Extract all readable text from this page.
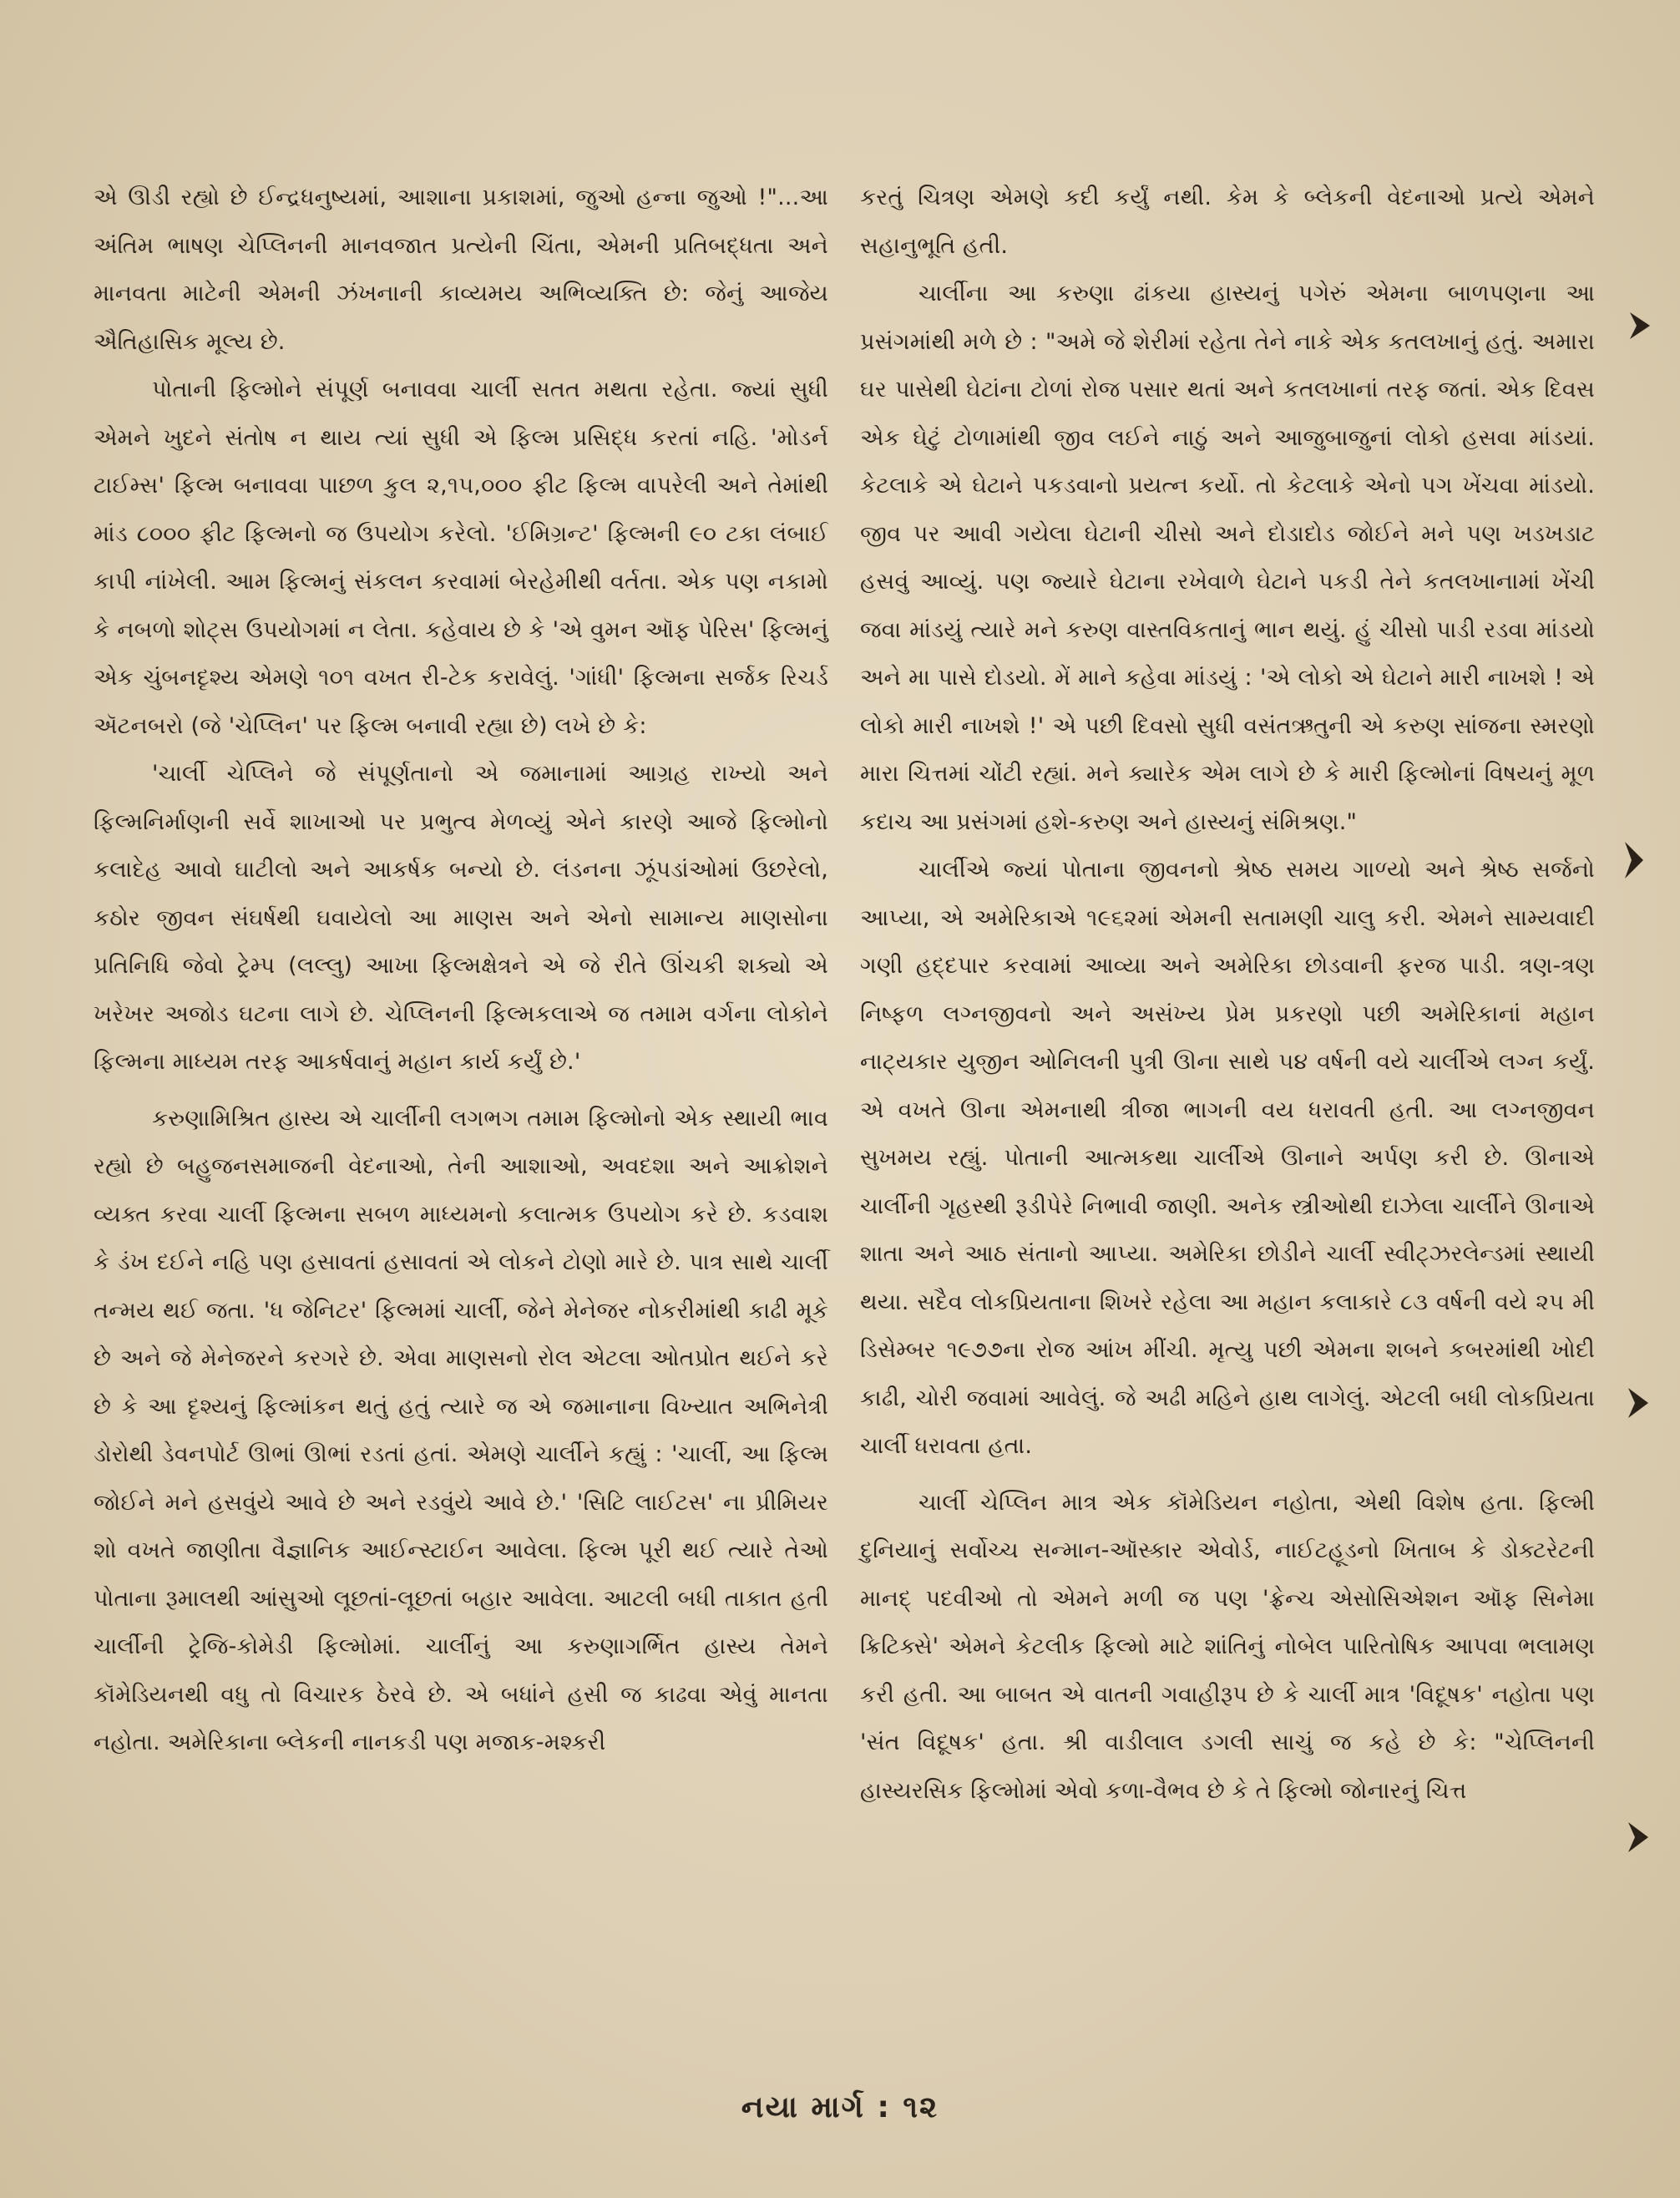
એ ઊડી રહ્યો છે ઈન્દ્રધનુષ્યમાં, આશાના પ્રકાશમાં, જુઓ હન્ના જુઓ !"...આ અંતિમ ભાષણ ચેપ્લિનની માનવજાત પ્રત્યેની ચિંતા, એમની પ્રતિબદ્ધતા અને માનવતા માટેની એમની ઝંખનાની કાવ્યમય અભિવ્યક્તિ છે: જેનું આજેય ઐતિહાસિક મૂલ્ય છે.

પોતાની ફિલ્મોને સંપૂર્ણ બનાવવા ચાર્લી સતત મથતા રહેતા. જ્યાં સુધી એમને ખુદને સંતોષ ન થાય ત્યાં સુધી એ ફિલ્મ પ્રસિદ્ધ કરતાં નહિ. 'મોડર્ન ટાઈમ્સ' ફિલ્મ બનાવવા પાછળ કુલ ૨,૧૫,૦૦૦ ફીટ ફિલ્મ વાપરેલી અને તેમાંથી માંડ ૮૦૦૦ ફીટ ફિલ્મનો જ ઉપયોગ કરેલો. 'ઈમિગ્રન્ટ' ફિલ્મની ૯૦ ટકા લંબાઈ કાપી નાંખેલી. આમ ફિલ્મનું સંકલન કરવામાં બેરહેમીથી વર્તતા. એક પણ નકામો કે નબળો શોટ્સ ઉપયોગમાં ન લેતા. કહેવાય છે કે 'એ વુમન ઑફ પેરિસ' ફિલ્મનું એક ચુંબનદૃશ્ય એમણે ૧૦૧ વખત રી-ટેક કરાવેલું. 'ગાંધી' ફિલ્મના સર્જક રિચર્ડ ઍટનબરો (જે 'ચેપ્લિન' પર ફિલ્મ બનાવી રહ્યા છે) લખે છે કે:

'ચાર્લી ચેપ્લિને જે સંપૂર્ણતાનો એ જમાનામાં આગ્રહ રાખ્યો અને ફિલ્મનિર્માણની સર્વે શાખાઓ પર પ્રભુત્વ મેળવ્યું એને કારણે આજે ફિલ્મોનો કલાદેહ આવો ઘાટીલો અને આકર્ષક બન્યો છે. લંડનના ઝૂંપડાંઓમાં ઉછરેલો, કઠોર જીવન સંઘર્ષથી ઘવાયેલો આ માણસ અને એનો સામાન્ય માણસોના પ્રતિનિધિ જેવો ટ્રેમ્પ (લલ્લુ) આખા ફિલ્મક્ષેત્રને એ જે રીતે ઊંચકી શક્યો એ ખરેખર અજોડ ઘટના લાગે છે. ચેપ્લિનની ફિલ્મકલાએ જ તમામ વર્ગના લોકોને ફિલ્મના માધ્યમ તરફ આકર્ષવાનું મહાન કાર્ય કર્યું છે.'

કરુણામિશ્રિત હાસ્ય એ ચાર્લીની લગભગ તમામ ફિલ્મોનો એક સ્થાયી ભાવ રહ્યો છે બહુજનસમાજની વેદનાઓ, તેની આશાઓ, અવદશા અને આક્રોશને વ્યક્ત કરવા ચાર્લી ફિલ્મના સબળ માધ્યમનો કલાત્મક ઉપયોગ કરે છે. કડવાશ કે ડંખ દઈને નહિ પણ હસાવતાં હસાવતાં એ લોકને ટોણો મારે છે. પાત્ર સાથે ચાર્લી તન્મય થઈ જતા. 'ધ જેનિટર' ફિલ્મમાં ચાર્લી, જેને મેનેજર નોકરીમાંથી કાઢી મૂકે છે અને જે મેનેજરને કરગરે છે. એવા માણસનો રોલ એટલા ઓતપ્રોત થઈને કરે છે કે આ દૃશ્યનું ફિલ્માંકન થતું હતું ત્યારે જ એ જમાનાના વિખ્યાત અભિનેત્રી ડોરોથી ડેવનપોર્ટ ઊભાં ઊભાં રડતાં હતાં. એમણે ચાર્લીને કહ્યું : 'ચાર્લી, આ ફિલ્મ જોઈને મને હસવુંયે આવે છે અને રડવુંયે આવે છે.' 'સિટિ લાઈટસ' ના પ્રીમિયર શો વખતે જાણીતા વૈજ્ઞાનિક આઈન્સ્ટાઈન આવેલા. ફિલ્મ પૂરી થઈ ત્યારે તેઓ પોતાના રૂમાલથી આંસુઓ લૂછતાં-લૂછતાં બહાર આવેલા. આટલી બધી તાકાત હતી ચાર્લીની ટ્રેજિ-કોમેડી ફિલ્મોમાં. ચાર્લીનું આ કરુણાગર્ભિત હાસ્ય તેમને કૉમેડિયનથી વધુ તો વિચારક ઠેરવે છે. એ બધાંને હસી જ કાઢવા એવું માનતા નહોતા. અમેરિકાના બ્લેકની નાનકડી પણ મજાક-મશ્કરી

કરતું ચિત્રણ એમણે કદી કર્યું નથી. કેમ કે બ્લેકની વેદનાઓ પ્રત્યે એમને સહાનુભૂતિ હતી.

ચાર્લીના આ કરુણા ઢાંકયા હાસ્યનું પગેરું એમના બાળપણના આ પ્રસંગમાંથી મળે છે : "અમે જે શેરીમાં રહેતા તેને નાકે એક કતલખાનું હતું. અમારા ઘર પાસેથી ઘેટાંના ટોળાં રોજ પસાર થતાં અને કતલખાનાં તરફ જતાં. એક દિવસ એક ઘેટું ટોળામાંથી જીવ લઈને નાઠું અને આજુબાજુનાં લોકો હસવા માંડયાં. કેટલાકે એ ઘેટાને પકડવાનો પ્રયત્ન કર્યો. તો કેટલાકે એનો પગ ખેંચવા માંડયો. જીવ પર આવી ગયેલા ઘેટાની ચીસો અને દોડાદોડ જોઈને મને પણ ખડખડાટ હસવું આવ્યું. પણ જ્યારે ઘેટાના રખેવાળે ઘેટાને પકડી તેને કતલખાનામાં ખેંચી જવા માંડયું ત્યારે મને કરુણ વાસ્તવિકતાનું ભાન થયું. હું ચીસો પાડી રડવા માંડયો અને મા પાસે દોડયો. મેં માને કહેવા માંડયું : 'એ લોકો એ ઘેટાને મારી નાખશે ! એ લોકો મારી નાખશે !' એ પછી દિવસો સુધી વસંતઋતુની એ કરુણ સાંજના સ્મરણો મારા ચિત્તમાં ચોંટી રહ્યાં. મને ક્યારેક એમ લાગે છે કે મારી ફિલ્મોનાં વિષયનું મૂળ કદાચ આ પ્રસંગમાં હશે-કરુણ અને હાસ્યનું સંમિશ્રણ."

ચાર્લીએ જ્યાં પોતાના જીવનનો શ્રેષ્ઠ સમય ગાળ્યો અને શ્રેષ્ઠ સર્જનો આપ્યા, એ અમેરિકાએ ૧૯૬૨માં એમની સતામણી ચાલુ કરી. એમને સામ્યવાદી ગણી હદ્દપાર કરવામાં આવ્યા અને અમેરિકા છોડવાની ફરજ પાડી. ત્રણ-ત્રણ નિષ્ફળ લગ્નજીવનો અને અસંખ્ય પ્રેમ પ્રકરણો પછી અમેરિકાનાં મહાન નાટ્યકાર યુજીન ઓનિલની પુત્રી ઊના સાથે ૫૪ વર્ષની વયે ચાર્લીએ લગ્ન કર્યું. એ વખતે ઊના એમનાથી ત્રીજા ભાગની વય ધરાવતી હતી. આ લગ્નજીવન સુખમય રહ્યું. પોતાની આત્મકથા ચાર્લીએ ઊનાને અર્પણ કરી છે. ઊનાએ ચાર્લીની ગૃહસ્થી રૂડીપેરે નિભાવી જાણી. અનેક સ્ત્રીઓથી દાઝેલા ચાર્લીને ઊનાએ શાતા અને આઠ સંતાનો આપ્યા. અમેરિકા છોડીને ચાર્લી સ્વીટ્ઝરલેન્ડમાં સ્થાયી થયા. સદૈવ લોકપ્રિયતાના શિખરે રહેલા આ મહાન કલાકારે ૮૩ વર્ષની વયે ૨૫ મી ડિસેમ્બર ૧૯૭૭ના રોજ આંખ મીંચી. મૃત્યુ પછી એમના શબને કબરમાંથી ખોદી કાઢી, ચોરી જવામાં આવેલું. જે અઢી મહિને હાથ લાગેલું. એટલી બધી લોકપ્રિયતા ચાર્લી ધરાવતા હતા.

ચાર્લી ચેપ્લિન માત્ર એક કૉમેડિયન નહોતા, એથી વિશેષ હતા. ફિલ્મી દુનિયાનું સર્વોચ્ચ સન્માન-ઑસ્કાર એવોર્ડ, નાઈટહૂડનો ખિતાબ કે ડોક્ટરેટની માનદ્ પદવીઓ તો એમને મળી જ પણ 'ફ્રેન્ચ એસોસિએશન ઑફ સિનેમા ક્રિટિક્સે' એમને કેટલીક ફિલ્મો માટે શાંતિનું નોબેલ પારિતોષિક આપવા ભલામણ કરી હતી. આ બાબત એ વાતની ગવાહીરૂપ છે કે ચાર્લી માત્ર 'વિદૂષક' નહોતા પણ 'સંત વિદૂષક' હતા. શ્રી વાડીલાલ ડગલી સાચું જ કહે છે કે: "ચેપ્લિનની હાસ્યરસિક ફિલ્મોમાં એવો કળા-વૈભવ છે કે તે ફિલ્મો જોનારનું ચિત્ત

નયા માર્ગ : ૧૨
